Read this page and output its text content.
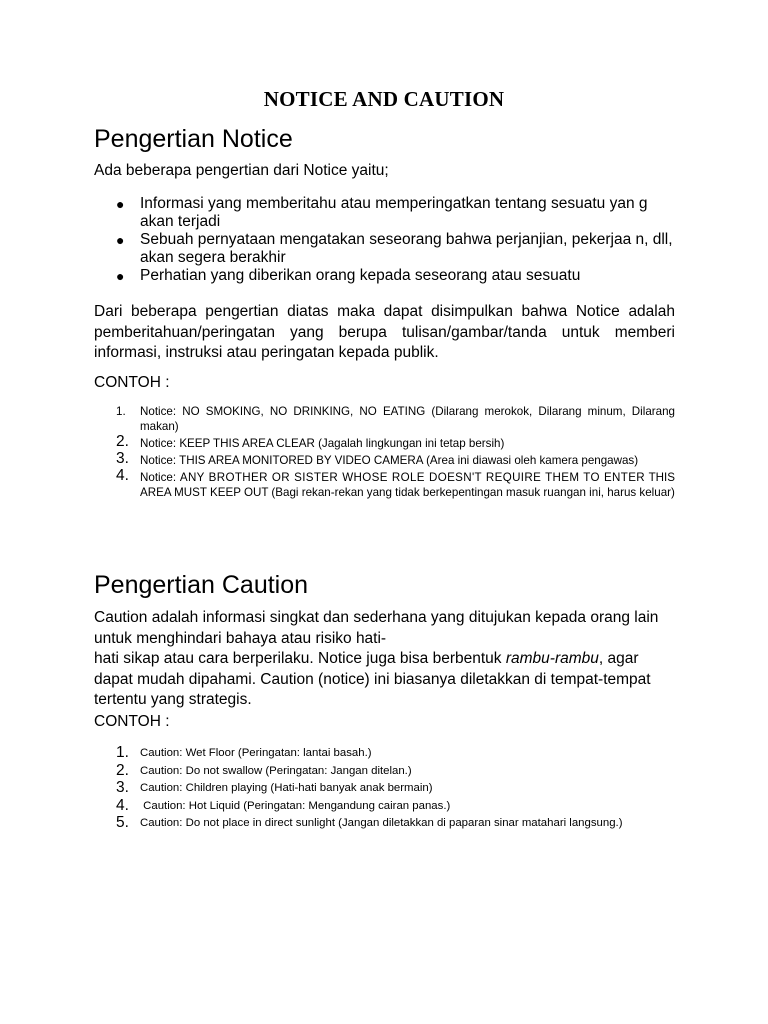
NOTICE AND CAUTION
Pengertian Notice

Ada beberapa pengertian dari Notice yaitu;

● Informasi yang memberitahu atau memperingatkan tentang sesuatu yan g akan terjadi
● Sebuah pernyataan mengatakan seseorang bahwa perjanjian, pekerjaa n, dll, akan segera berakhir
● Perhatian yang diberikan orang kepada seseorang atau sesuatu

Dari beberapa pengertian diatas maka dapat disimpulkan bahwa Notice adalah pemberitahuan/peringatan yang berupa tulisan/gambar/tanda untuk memberi informasi, instruksi atau peringatan kepada publik.

CONTOH :
1. Notice: NO SMOKING, NO DRINKING, NO EATING (Dilarang merokok, Dilarang minum, Dilarang makan)
2. Notice: KEEP THIS AREA CLEAR (Jagalah lingkungan ini tetap bersih)
3. Notice: THIS AREA MONITORED BY VIDEO CAMERA (Area ini diawasi oleh kamera pengawas)
4. Notice: ANY BROTHER OR SISTER WHOSE ROLE DOESN'T REQUIRE THEM TO ENTER THIS AREA MUST KEEP OUT (Bagi rekan-rekan yang tidak berkepentingan masuk ruangan ini, harus keluar)
Pengertian Caution

Caution adalah informasi singkat dan sederhana yang ditujukan kepada orang lain untuk menghindari bahaya atau risiko hati-
hati sikap atau cara berperilaku. Notice juga bisa berbentuk rambu-rambu, agar dapat mudah dipahami. Caution (notice) ini biasanya diletakkan di tempat-tempat tertentu yang strategis.

CONTOH :
1. Caution: Wet Floor (Peringatan: lantai basah.)
2. Caution: Do not swallow (Peringatan: Jangan ditelan.)
3. Caution: Children playing (Hati-hati banyak anak bermain)
4. Caution: Hot Liquid (Peringatan: Mengandung cairan panas.)
5. Caution: Do not place in direct sunlight (Jangan diletakkan di paparan sinar matahari langsung.)
